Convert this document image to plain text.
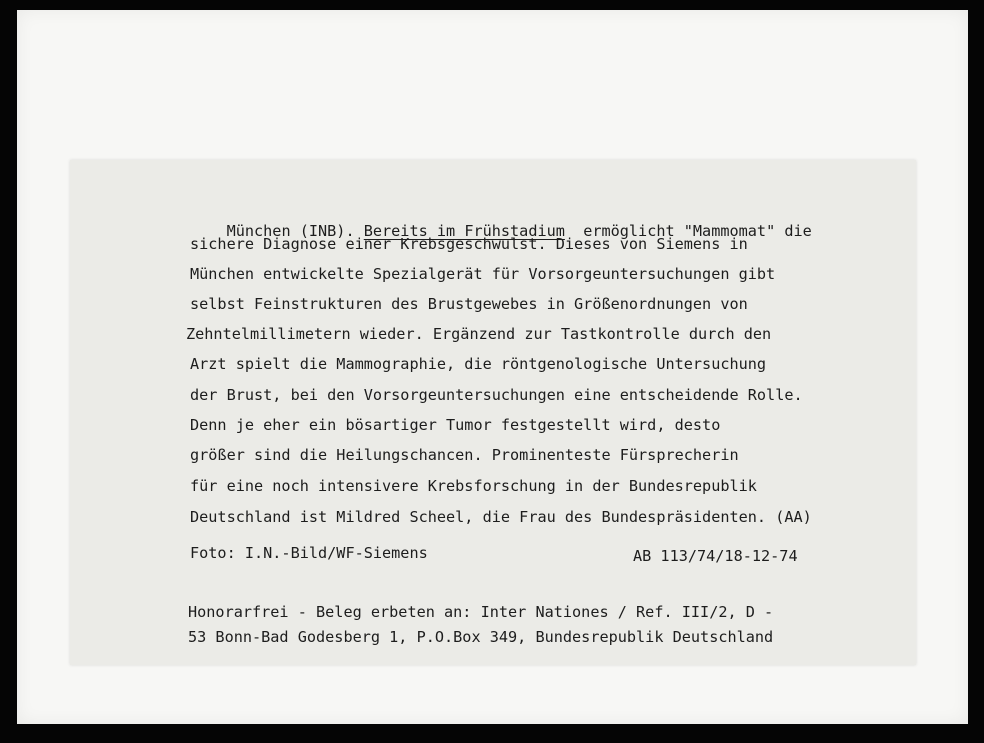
München (INB). Bereits im Frühstadium  ermöglicht "Mammomat" die

sichere Diagnose einer Krebsgeschwulst. Dieses von Siemens in
München entwickelte Spezialgerät für Vorsorgeuntersuchungen gibt
selbst Feinstrukturen des Brustgewebes in Größenordnungen von
Zehntelmillimetern wieder. Ergänzend zur Tastkontrolle durch den
Arzt spielt die Mammographie, die röntgenologische Untersuchung
der Brust, bei den Vorsorgeuntersuchungen eine entscheidende Rolle.
Denn je eher ein bösartiger Tumor festgestellt wird, desto
größer sind die Heilungschancen. Prominenteste Fürsprecherin
für eine noch intensivere Krebsforschung in der Bundesrepublik
Deutschland ist Mildred Scheel, die Frau des Bundespräsidenten. (AA)
Foto: I.N.-Bild/WF-Siemens	AB 113/74/18-12-74
Honorarfrei - Beleg erbeten an: Inter Nationes / Ref. III/2, D -
53 Bonn-Bad Godesberg 1, P.O.Box 349, Bundesrepublik Deutschland
